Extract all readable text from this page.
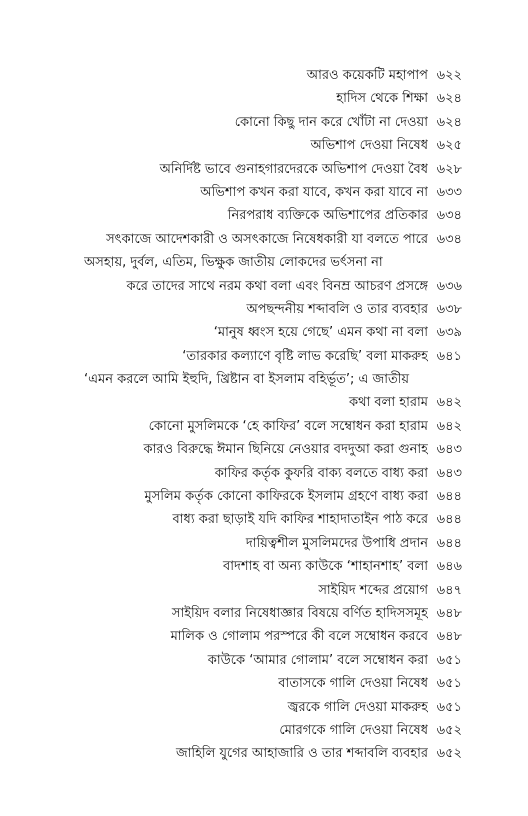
আরও কয়েকটি মহাপাপ ৬২২
হাদিস থেকে শিক্ষা ৬২৪
কোনো কিছু দান করে খোঁটা না দেওয়া ৬২৪
অভিশাপ দেওয়া নিষেধ ৬২৫
অনির্দিষ্ট ভাবে গুনাহগারদেরকে অভিশাপ দেওয়া বৈধ ৬২৮
অভিশাপ কখন করা যাবে, কখন করা যাবে না ৬৩৩
নিরপরাধ ব্যক্তিকে অভিশাপের প্রতিকার ৬৩৪
সৎকাজে আদেশকারী ও অসৎকাজে নিষেধকারী যা বলতে পারে ৬৩৪
অসহায়, দুর্বল, এতিম, ভিক্ষুক জাতীয় লোকদের ভর্ৎসনা না
করে তাদের সাথে নরম কথা বলা এবং বিনম্র আচরণ প্রসঙ্গে ৬৩৬
অপছন্দনীয় শব্দাবলি ও তার ব্যবহার ৬৩৮
‘মানুষ ধ্বংস হয়ে গেছে’ এমন কথা না বলা ৬৩৯
‘তারকার কল্যাণে বৃষ্টি লাভ করেছি’ বলা মাকরুহ ৬৪১
‘এমন করলে আমি ইহুদি, খ্রিষ্টান বা ইসলাম বহির্ভূত’; এ জাতীয়
কথা বলা হারাম ৬৪২
কোনো মুসলিমকে ‘হে কাফির’ বলে সম্বোধন করা হারাম ৬৪২
কারও বিরুদ্ধে ঈমান ছিনিয়ে নেওয়ার বদদুআ করা গুনাহ ৬৪৩
কাফির কর্তৃক কুফরি বাক্য বলতে বাধ্য করা ৬৪৩
মুসলিম কর্তৃক কোনো কাফিরকে ইসলাম গ্রহণে বাধ্য করা ৬৪৪
বাধ্য করা ছাড়াই যদি কাফির শাহাদাতাইন পাঠ করে ৬৪৪
দায়িত্বশীল মুসলিমদের উপাধি প্রদান ৬৪৪
বাদশাহ বা অন্য কাউকে ‘শাহানশাহ’ বলা ৬৪৬
সাইয়িদ শব্দের প্রয়োগ ৬৪৭
সাইয়িদ বলার নিষেধাজ্ঞার বিষয়ে বর্ণিত হাদিসসমূহ ৬৪৮
মালিক ও গোলাম পরস্পরে কী বলে সম্বোধন করবে ৬৪৮
কাউকে ‘আমার গোলাম’ বলে সম্বোধন করা ৬৫১
বাতাসকে গালি দেওয়া নিষেধ ৬৫১
জ্বরকে গালি দেওয়া মাকরুহ ৬৫১
মোরগকে গালি দেওয়া নিষেধ ৬৫২
জাহিলি যুগের আহাজারি ও তার শব্দাবলি ব্যবহার ৬৫২
